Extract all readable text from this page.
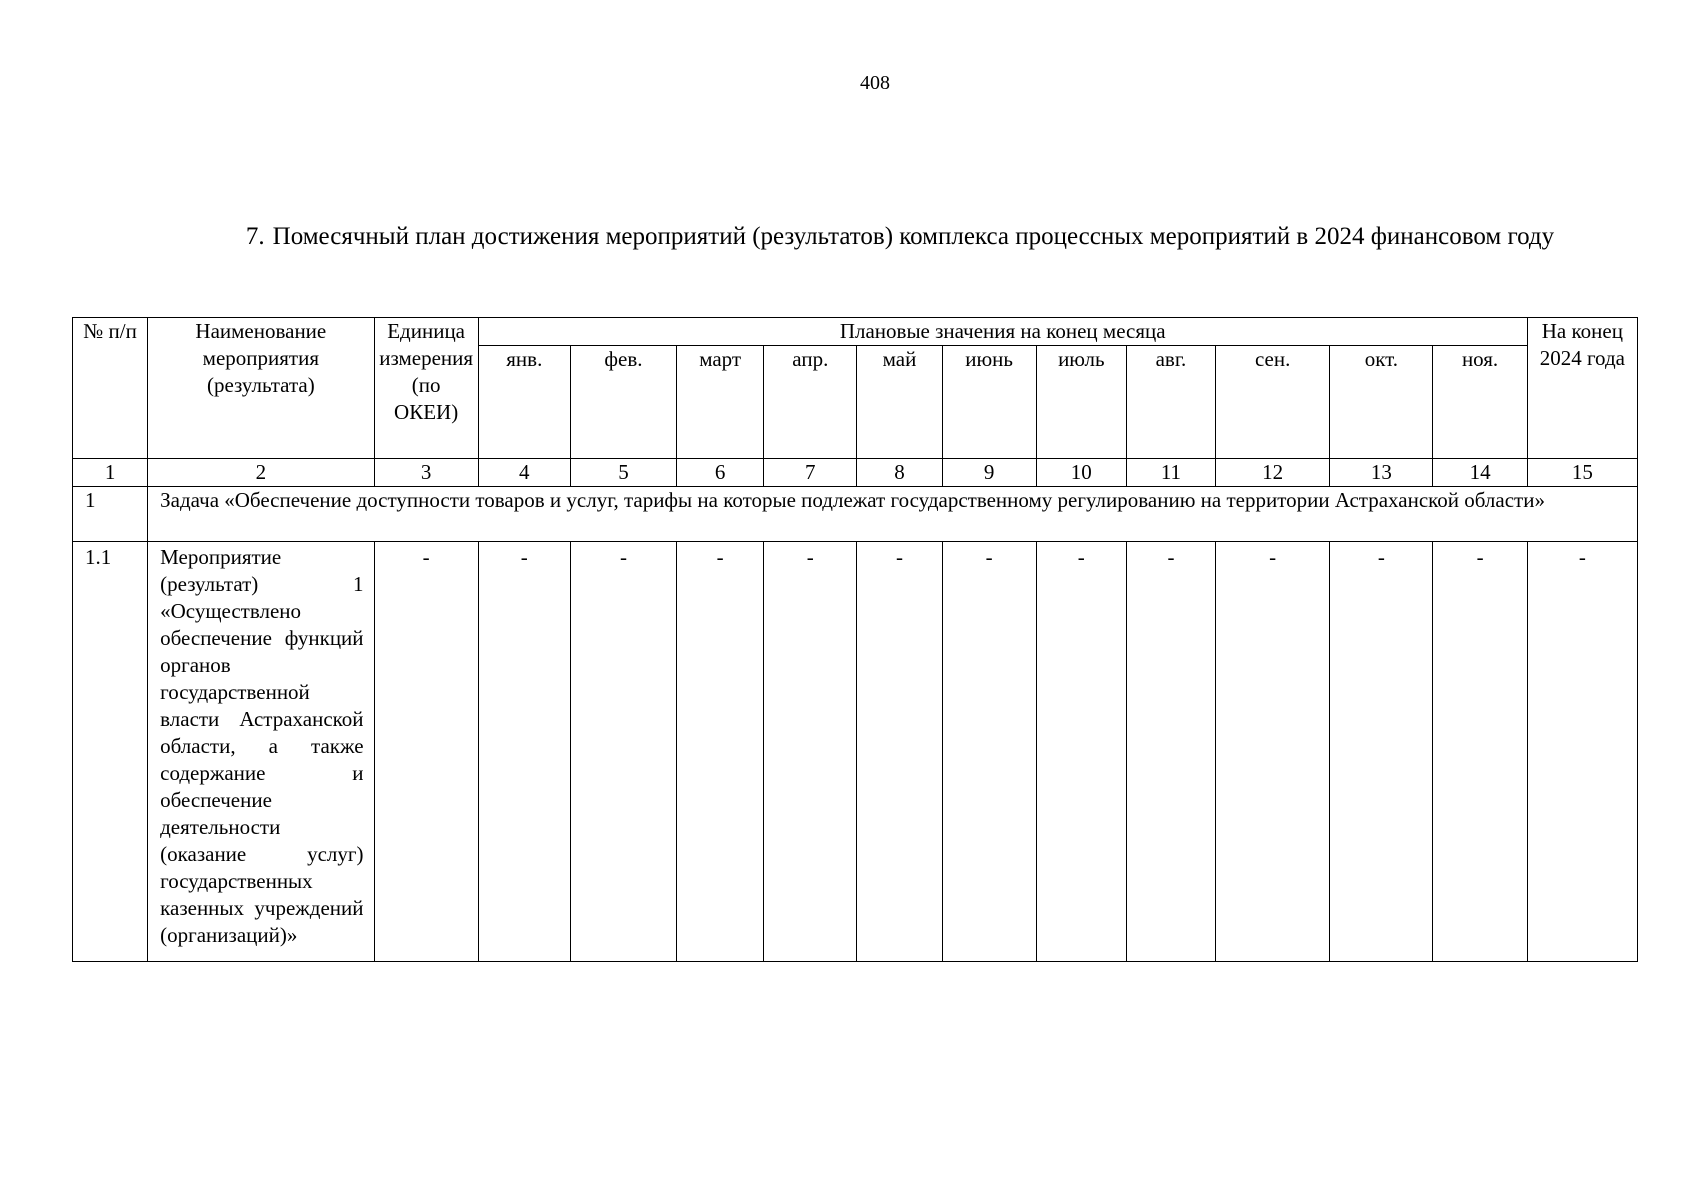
408
7. Помесячный план достижения мероприятий (результатов) комплекса процессных мероприятий в 2024 финансовом году
№ п/п	Наименование мероприятия (результата)	Единица измерения (по ОКЕИ)	Плановые значения на конец месяца											На конец 2024 года
			янв.	фев.	март	апр.	май	июнь	июль	авг.	сен.	окт.	ноя.	
1	2	3	4	5	6	7	8	9	10	11	12	13	14	15
1	Задача «Обеспечение доступности товаров и услуг, тарифы на которые подлежат государственному регулированию на территории Астраханской области»													
1.1	Мероприятие (результат) 1 «Осуществлено обеспечение функций органов государственной власти Астраханской области, а также содержание и обеспечение деятельности (оказание услуг) государственных казенных учреждений (организаций)»	-	-	-	-	-	-	-	-	-	-	-	-	-
